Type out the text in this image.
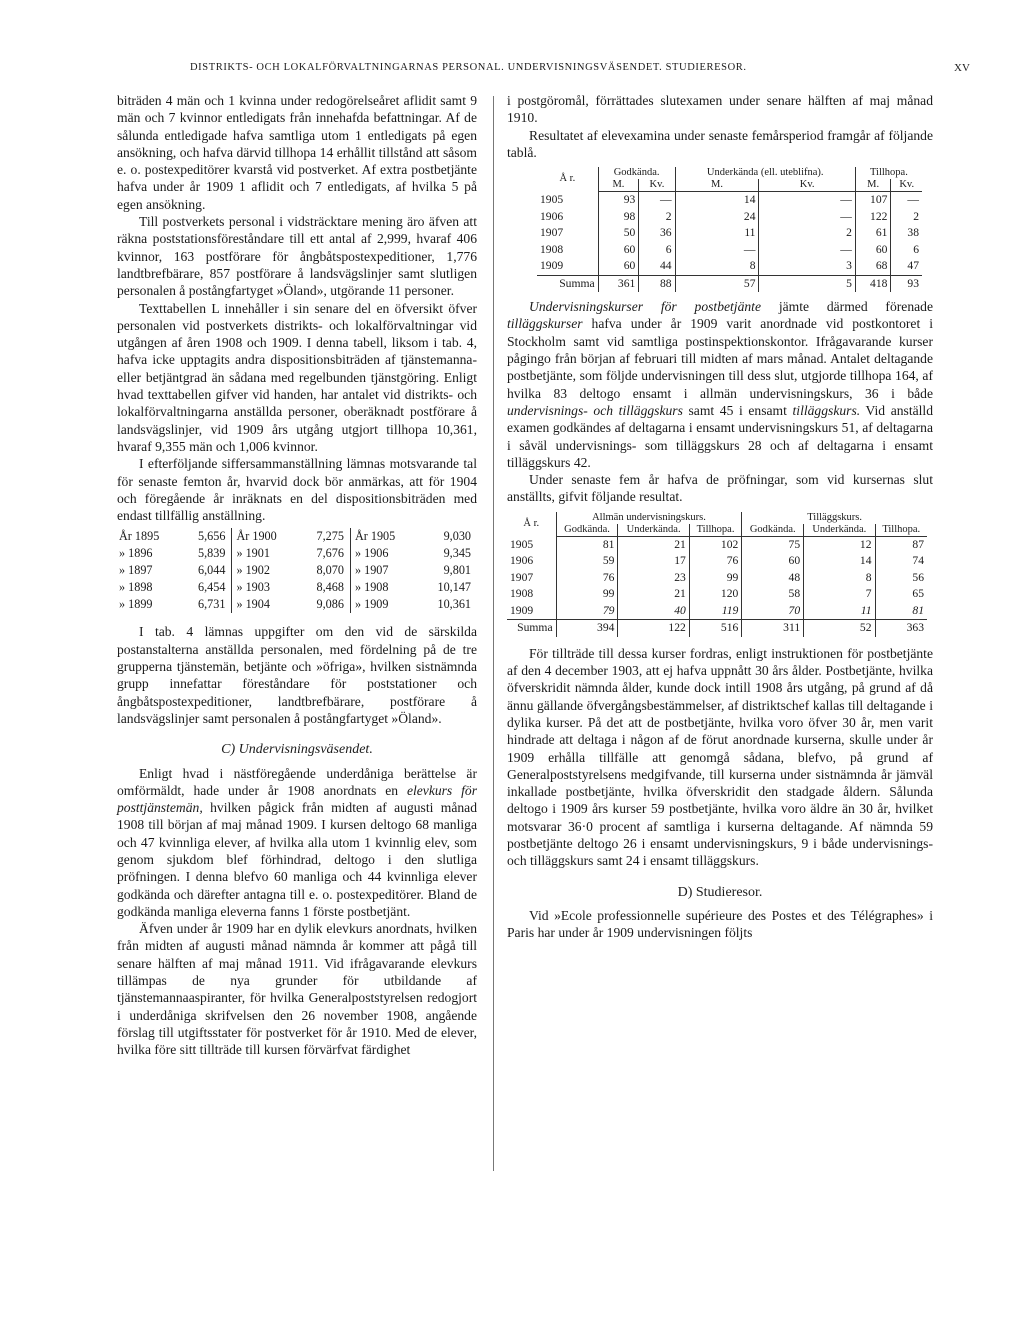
DISTRIKTS- OCH LOKALFÖRVALTNINGARNAS PERSONAL. UNDERVISNINGSVÄSENDET. STUDIERESOR.	XV

biträden 4 män och 1 kvinna under redogörelseåret aflidit samt 9 män och 7 kvinnor entledigats från innehafda befattningar. Af de sålunda entledigade hafva samtliga utom 1 entledigats på egen ansökning, och hafva därvid tillhopa 14 erhållit tillstånd att såsom e. o. postexpeditörer kvarstå vid postverket. Af extra postbetjänte hafva under år 1909 1 aflidit och 7 entledigats, af hvilka 5 på egen ansökning.

Till postverkets personal i vidsträcktare mening äro äfven att räkna poststationsföreståndare till ett antal af 2,999, hvaraf 406 kvinnor, 163 postförare för ångbåtspostexpeditioner, 1,776 landtbrefbärare, 857 postförare å landsvägslinjer samt slutligen personalen å postångfartyget »Öland», utgörande 11 personer.

Texttabellen L innehåller i sin senare del en öfversikt öfver personalen vid postverkets distrikts- och lokalförvaltningar vid utgången af åren 1908 och 1909. I denna tabell, liksom i tab. 4, hafva icke upptagits andra dispositionsbiträden af tjänstemanna- eller betjäntgrad än sådana med regelbunden tjänstgöring. Enligt hvad texttabellen gifver vid handen, har antalet vid distrikts- och lokalförvaltningarna anställda personer, oberäknadt postförare å landsvägslinjer, vid 1909 års utgång utgjort tillhopa 10,361, hvaraf 9,355 män och 1,006 kvinnor.

I efterföljande siffersammanställning lämnas motsvarande tal för senaste femton år, hvarvid dock bör anmärkas, att för 1904 och föregående år inräknats en del dispositionsbiträden med endast tillfällig anställning.

År 1895	5,656	År 1900	7,275	År 1905	9,030
» 1896	5,839	» 1901	7,676	» 1906	9,345
» 1897	6,044	» 1902	8,070	» 1907	9,801
» 1898	6,454	» 1903	8,468	» 1908	10,147
» 1899	6,731	» 1904	9,086	» 1909	10,361

I tab. 4 lämnas uppgifter om den vid de särskilda postanstalterna anställda personalen, med fördelning på de tre grupperna tjänstemän, betjänte och »öfriga», hvilken sistnämnda grupp innefattar föreståndare för poststationer och ångbåtspostexpeditioner, landtbrefbärare, postförare å landsvägslinjer samt personalen å postångfartyget »Öland».

C) Undervisningsväsendet.

Enligt hvad i nästföregående underdåniga berättelse är omförmäldt, hade under år 1908 anordnats en elevkurs för posttjänstemän, hvilken pågick från midten af augusti månad 1908 till början af maj månad 1909. I kursen deltogo 68 manliga och 47 kvinnliga elever, af hvilka alla utom 1 kvinnlig elev, som genom sjukdom blef förhindrad, deltogo i den slutliga pröfningen. I denna blefvo 60 manliga och 44 kvinnliga elever godkända och därefter antagna till e. o. postexpeditörer. Bland de godkända manliga eleverna fanns 1 förste postbetjänt.

Äfven under år 1909 har en dylik elevkurs anordnats, hvilken från midten af augusti månad nämnda år kommer att pågå till senare hälften af maj månad 1911. Vid ifrågavarande elevkurs tillämpas de nya grunder för utbildande af tjänstemannaaspiranter, för hvilka Generalpoststyrelsen redogjort i underdåniga skrifvelsen den 26 november 1908, angående förslag till utgiftsstater för postverket för år 1910. Med de elever, hvilka före sitt tillträde till kursen förvärfvat färdighet

i postgöromål, förrättades slutexamen under senare hälften af maj månad 1910.

Resultatet af elevexamina under senaste femårsperiod framgår af följande tablå.

Å r.	Godkända.		Underkända (ell. uteblifna).		Tillhopa.	
	M.	Kv.	M.	Kv.	M.	Kv.
1905	93	—	14	—	107	—
1906	98	2	24	—	122	2
1907	50	36	11	2	61	38
1908	60	6	—	—	60	6
1909	60	44	8	3	68	47
Summa	361	88	57	5	418	93

Undervisningskurser för postbetjänte jämte därmed förenade tilläggskurser hafva under år 1909 varit anordnade vid postkontoret i Stockholm samt vid samtliga postinspektionskontor. Ifrågavarande kurser pågingo från början af februari till midten af mars månad. Antalet deltagande postbetjänte, som följde undervisningen till dess slut, utgjorde tillhopa 164, af hvilka 83 deltogo ensamt i allmän undervisningskurs, 36 i både undervisnings- och tilläggskurs samt 45 i ensamt tilläggskurs. Vid anställd examen godkändes af deltagarna i ensamt undervisningskurs 51, af deltagarna i såväl undervisnings- som tilläggskurs 28 och af deltagarna i ensamt tilläggskurs 42.

Under senaste fem år hafva de pröfningar, som vid kursernas slut anställts, gifvit följande resultat.

Å r.	Allmän undervisningskurs.			Tilläggskurs.		
	Godkända.	Underkända.	Tillhopa.	Godkända.	Underkända.	Tillhopa.
1905	81	21	102	75	12	87
1906	59	17	76	60	14	74
1907	76	23	99	48	8	56
1908	99	21	120	58	7	65
1909	79	40	119	70	11	81
Summa	394	122	516	311	52	363

För tillträde till dessa kurser fordras, enligt instruktionen för postbetjänte af den 4 december 1903, att ej hafva uppnått 30 års ålder. Postbetjänte, hvilka öfverskridit nämnda ålder, kunde dock intill 1908 års utgång, på grund af då ännu gällande öfvergångsbestämmelser, af distriktschef kallas till deltagande i dylika kurser. På det att de postbetjänte, hvilka voro öfver 30 år, men varit hindrade att deltaga i någon af de förut anordnade kurserna, skulle under år 1909 erhålla tillfälle att genomgå sådana, blefvo, på grund af Generalpoststyrelsens medgifvande, till kurserna under sistnämnda år jämväl inkallade postbetjänte, hvilka öfverskridit den stadgade åldern. Sålunda deltogo i 1909 års kurser 59 postbetjänte, hvilka voro äldre än 30 år, hvilket motsvarar 36·0 procent af samtliga i kurserna deltagande. Af nämnda 59 postbetjänte deltogo 26 i ensamt undervisningskurs, 9 i både undervisnings- och tilläggskurs samt 24 i ensamt tilläggskurs.

D) Studieresor.

Vid »Ecole professionnelle supérieure des Postes et des Télégraphes» i Paris har under år 1909 undervisningen följts
